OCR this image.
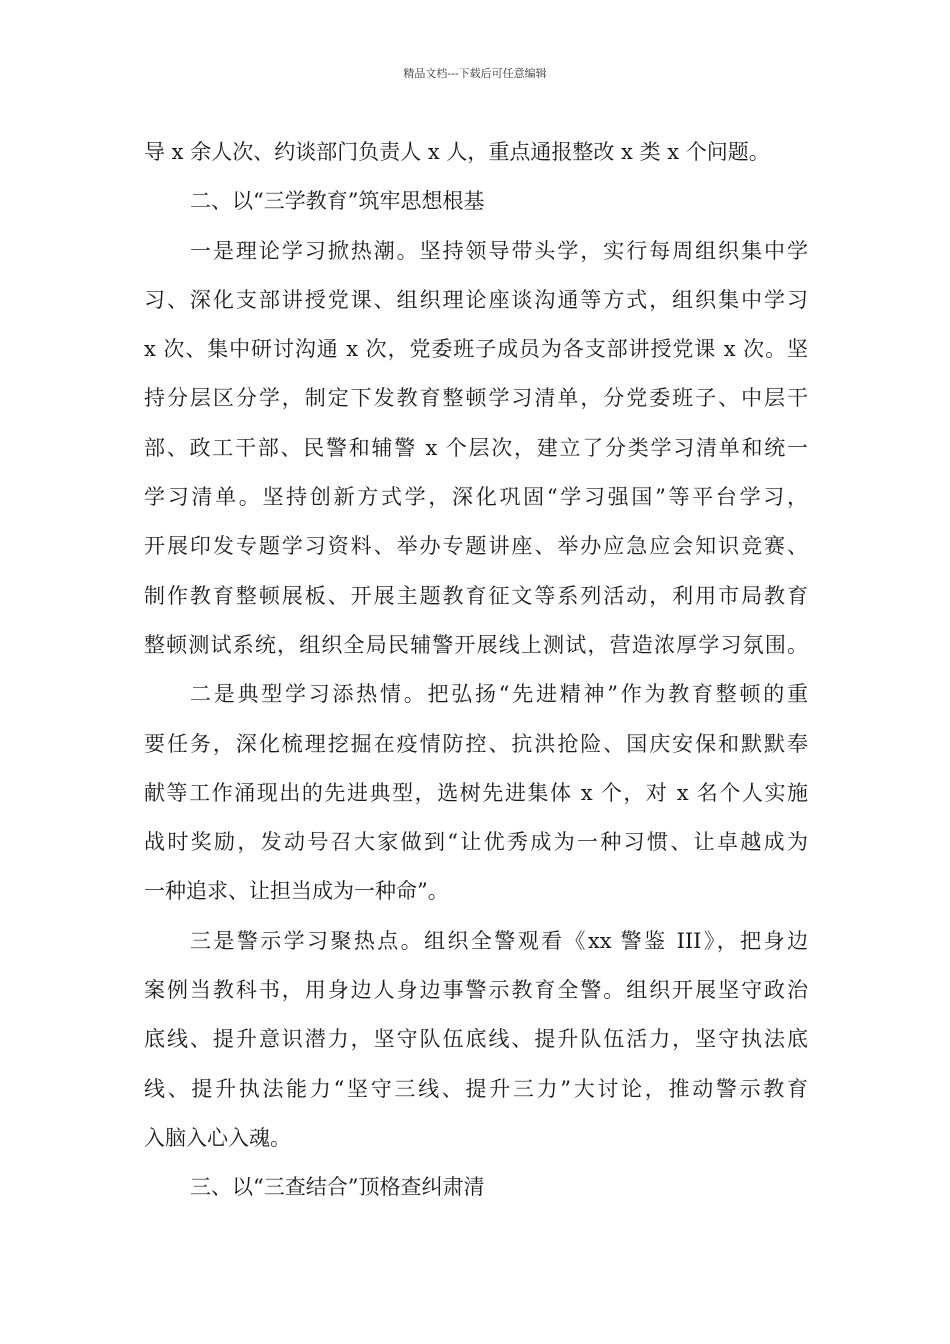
精品文档---下载后可任意编辑
导 x 余人次、约谈部门负责人 x 人，重点通报整改 x 类 x 个问题。
二、以“三学教育”筑牢思想根基
一是理论学习掀热潮。坚持领导带头学，实行每周组织集中学
习、深化支部讲授党课、组织理论座谈沟通等方式，组织集中学习
x 次、集中研讨沟通 x 次，党委班子成员为各支部讲授党课 x 次。坚
持分层区分学，制定下发教育整顿学习清单，分党委班子、中层干
部、政工干部、民警和辅警 x 个层次，建立了分类学习清单和统一
学习清单。坚持创新方式学，深化巩固“学习强国”等平台学习，
开展印发专题学习资料、举办专题讲座、举办应急应会知识竞赛、
制作教育整顿展板、开展主题教育征文等系列活动，利用市局教育
整顿测试系统，组织全局民辅警开展线上测试，营造浓厚学习氛围。
二是典型学习添热情。把弘扬“先进精神”作为教育整顿的重
要任务，深化梳理挖掘在疫情防控、抗洪抢险、国庆安保和默默奉
献等工作涌现出的先进典型，选树先进集体 x 个，对 x 名个人实施
战时奖励，发动号召大家做到“让优秀成为一种习惯、让卓越成为
一种追求、让担当成为一种命”。
三是警示学习聚热点。组织全警观看《xx 警鉴 III》，把身边
案例当教科书，用身边人身边事警示教育全警。组织开展坚守政治
底线、提升意识潜力，坚守队伍底线、提升队伍活力，坚守执法底
线、提升执法能力“坚守三线、提升三力”大讨论，推动警示教育
入脑入心入魂。
三、以“三查结合”顶格查纠肃清
